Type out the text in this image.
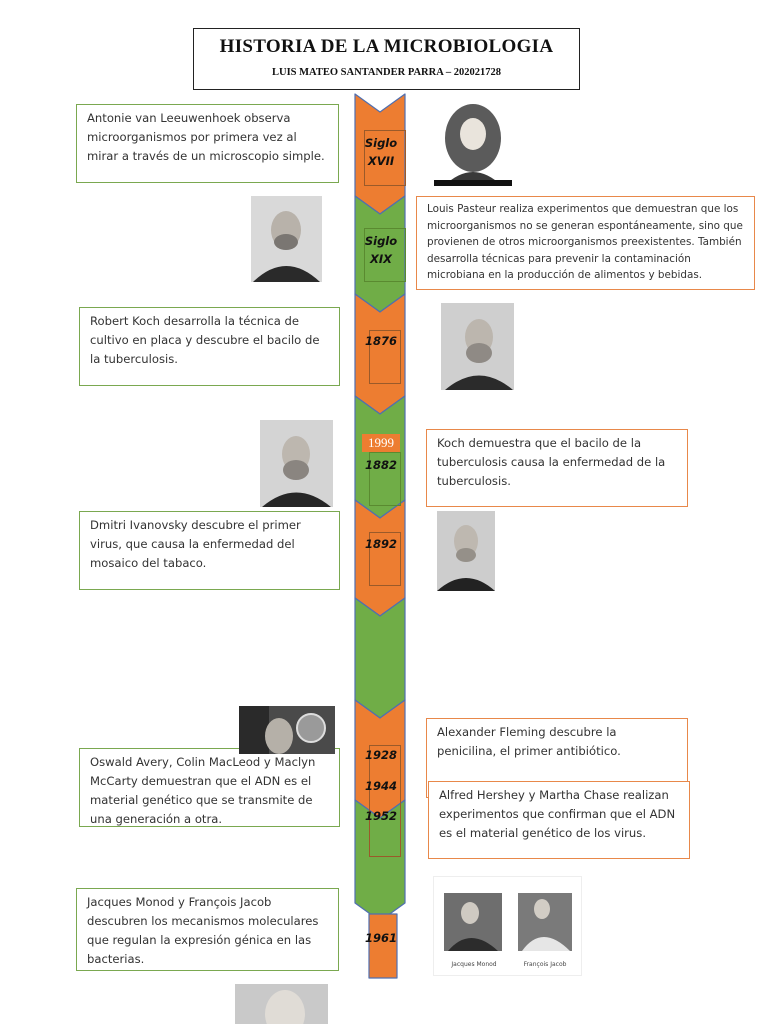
HISTORIA DE LA MICROBIOLOGIA
LUIS MATEO SANTANDER PARRA – 202021728
Siglo
XVII
Siglo
XIX
1876
1999
1882
1892
1928
1944
1952
1961
Antonie van Leeuwenhoek observa microorganismos por primera vez al mirar a través de un microscopio simple.
Louis Pasteur realiza experimentos que demuestran que los microorganismos no se generan espontáneamente, sino que provienen de otros microorganismos preexistentes. También desarrolla técnicas para prevenir la contaminación microbiana en la producción de alimentos y bebidas.
Robert Koch desarrolla la técnica de cultivo en placa y descubre el bacilo de la tuberculosis.
Koch demuestra que el bacilo de la tuberculosis causa la enfermedad de la tuberculosis.
Dmitri Ivanovsky descubre el primer virus, que causa la enfermedad del mosaico del tabaco.
Alexander Fleming descubre la penicilina, el primer antibiótico.
Oswald Avery, Colin MacLeod y Maclyn McCarty demuestran que el ADN es el material genético que se transmite de una generación a otra.
Alfred Hershey y Martha Chase realizan experimentos que confirman que el ADN es el material genético de los virus.
Jacques Monod y François Jacob descubren los mecanismos moleculares que regulan la expresión génica en las bacterias.	Jacques Monod	François Jacob
